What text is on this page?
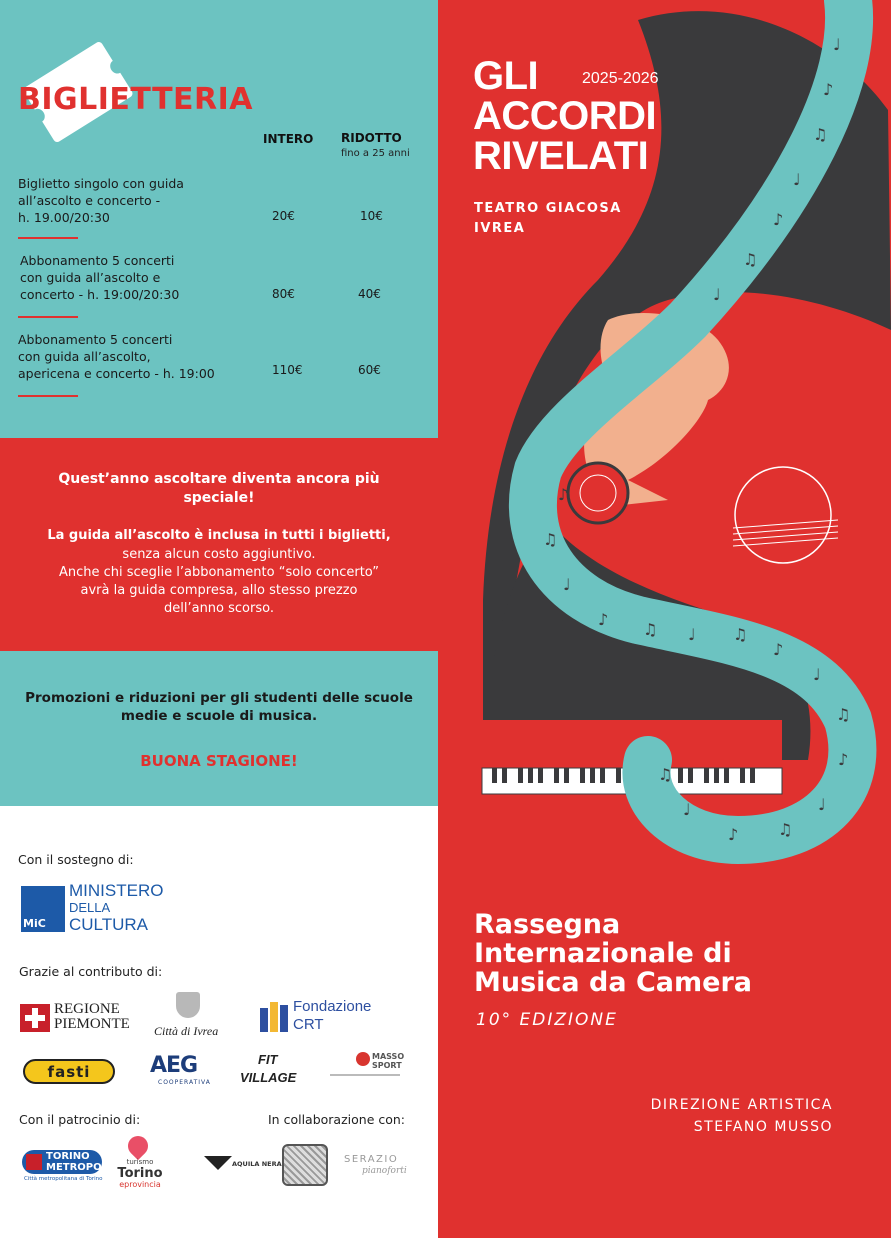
BIGLIETTERIA
INTERO RIDOTTO
fino a 25 anni
Biglietto singolo con guida
all’ascolto e concerto -
h. 19.00/20:30	20€	10€
Abbonamento 5 concerti
con guida all’ascolto e
concerto - h. 19:00/20:30	80€	40€
Abbonamento 5 concerti
con guida all’ascolto,
apericena e concerto - h. 19:00	110€	60€
Quest’anno ascoltare diventa ancora più
speciale!
La guida all’ascolto è inclusa in tutti i biglietti,
senza alcun costo aggiuntivo.
Anche chi sceglie l’abbonamento “solo concerto”
avrà la guida compresa, allo stesso prezzo
dell’anno scorso.
Promozioni e riduzioni per gli studenti delle scuole
medie e scuole di musica.
BUONA STAGIONE!
Con il sostegno di:
MiC
MINISTERO
DELLA
CULTURA
Grazie al contributo di:
REGIONE
PIEMONTE Città di Ivrea
Fondazione
CRT
fasti	AEG
COOPERATIVA
FIT
VILLAGE
MASSO
SPORT
Con il patrocinio di:	In collaborazione con:
TORINO
METROPOLI
Città metropolitana di Torino
turismo
Torino
eprovincia
AQUILA NERA	SERAZIO
pianoforti
♩
♪
♫
♩
♪
♫
♩
♪
♫
♩
♪
♫ ♩ ♫
♪
♩
♫
♪
♩
♫
♪
♩
♫
GLI
ACCORDI
RIVELATI
2025-2026
TEATRO GIACOSA
IVREA
Rassegna
Internazionale di
Musica da Camera
10° EDIZIONE
DIREZIONE ARTISTICA
STEFANO MUSSO
